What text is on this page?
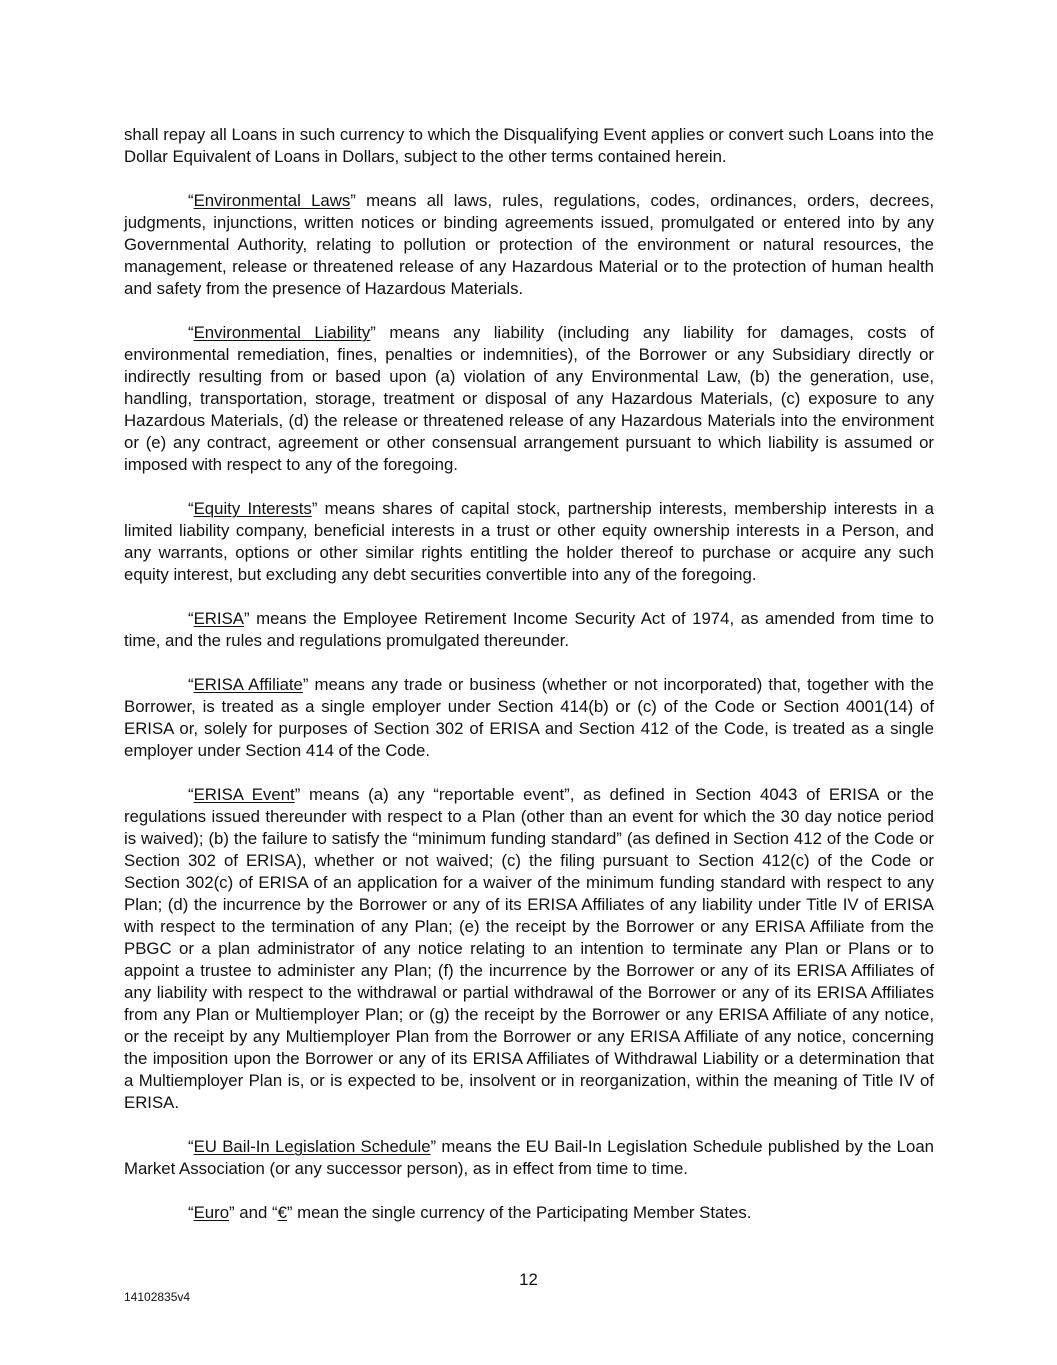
shall repay all Loans in such currency to which the Disqualifying Event applies or convert such Loans into the Dollar Equivalent of Loans in Dollars, subject to the other terms contained herein.

“Environmental Laws” means all laws, rules, regulations, codes, ordinances, orders, decrees, judgments, injunctions, written notices or binding agreements issued, promulgated or entered into by any Governmental Authority, relating to pollution or protection of the environment or natural resources, the management, release or threatened release of any Hazardous Material or to the protection of human health and safety from the presence of Hazardous Materials.

“Environmental Liability” means any liability (including any liability for damages, costs of environmental remediation, fines, penalties or indemnities), of the Borrower or any Subsidiary directly or indirectly resulting from or based upon (a) violation of any Environmental Law, (b) the generation, use, handling, transportation, storage, treatment or disposal of any Hazardous Materials, (c) exposure to any Hazardous Materials, (d) the release or threatened release of any Hazardous Materials into the environment or (e) any contract, agreement or other consensual arrangement pursuant to which liability is assumed or imposed with respect to any of the foregoing.

“Equity Interests” means shares of capital stock, partnership interests, membership interests in a limited liability company, beneficial interests in a trust or other equity ownership interests in a Person, and any warrants, options or other similar rights entitling the holder thereof to purchase or acquire any such equity interest, but excluding any debt securities convertible into any of the foregoing.

“ERISA” means the Employee Retirement Income Security Act of 1974, as amended from time to time, and the rules and regulations promulgated thereunder.

“ERISA Affiliate” means any trade or business (whether or not incorporated) that, together with the Borrower, is treated as a single employer under Section 414(b) or (c) of the Code or Section 4001(14) of ERISA or, solely for purposes of Section 302 of ERISA and Section 412 of the Code, is treated as a single employer under Section 414 of the Code.

“ERISA Event” means (a) any “reportable event”, as defined in Section 4043 of ERISA or the regulations issued thereunder with respect to a Plan (other than an event for which the 30 day notice period is waived); (b) the failure to satisfy the “minimum funding standard” (as defined in Section 412 of the Code or Section 302 of ERISA), whether or not waived; (c) the filing pursuant to Section 412(c) of the Code or Section 302(c) of ERISA of an application for a waiver of the minimum funding standard with respect to any Plan; (d) the incurrence by the Borrower or any of its ERISA Affiliates of any liability under Title IV of ERISA with respect to the termination of any Plan; (e) the receipt by the Borrower or any ERISA Affiliate from the PBGC or a plan administrator of any notice relating to an intention to terminate any Plan or Plans or to appoint a trustee to administer any Plan; (f) the incurrence by the Borrower or any of its ERISA Affiliates of any liability with respect to the withdrawal or partial withdrawal of the Borrower or any of its ERISA Affiliates from any Plan or Multiemployer Plan; or (g) the receipt by the Borrower or any ERISA Affiliate of any notice, or the receipt by any Multiemployer Plan from the Borrower or any ERISA Affiliate of any notice, concerning the imposition upon the Borrower or any of its ERISA Affiliates of Withdrawal Liability or a determination that a Multiemployer Plan is, or is expected to be, insolvent or in reorganization, within the meaning of Title IV of ERISA.

“EU Bail-In Legislation Schedule” means the EU Bail-In Legislation Schedule published by the Loan Market Association (or any successor person), as in effect from time to time.

“Euro” and “€” mean the single currency of the Participating Member States.

12
14102835v4
